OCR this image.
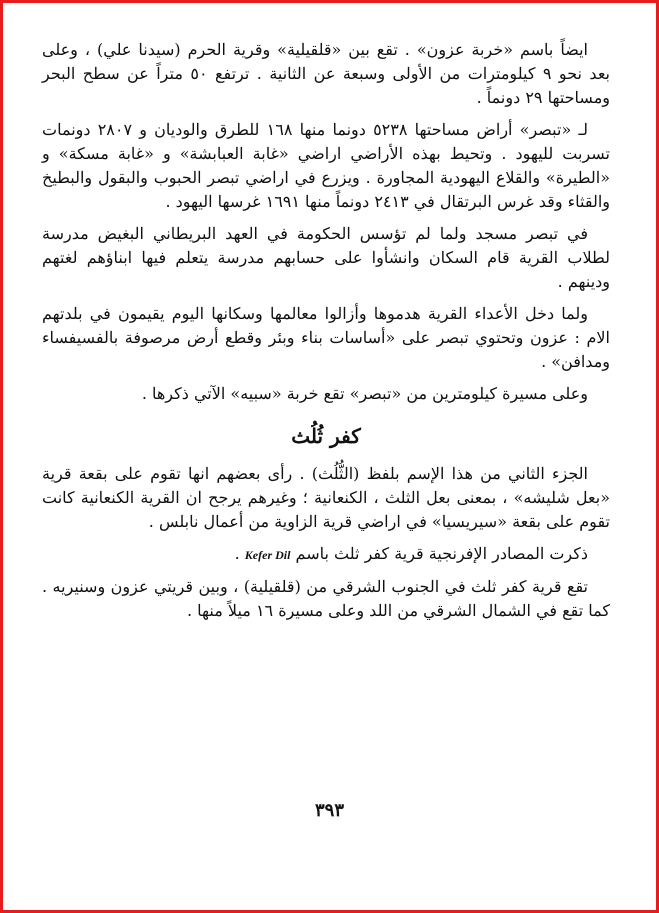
ايضاً باسم «خربة عزون» . تقع بين «قلقيلية» وقرية الحرم (سيدنا علي) ، وعلى بعد نحو ٩ كيلومترات من الأولى وسبعة عن الثانية . ترتفع ٥٠ متراً عن سطح البحر ومساحتها ٢٩ دونماً .

لـ «تبصر» أراض مساحتها ٥٢٣٨ دونما منها ١٦٨ للطرق والوديان و ٢٨٠٧ دونمات تسربت لليهود . وتحيط بهذه الأراضي اراضي «غابة العبابشة» و «غابة مسكة» و «الطيرة» والقلاع اليهودية المجاورة . ويزرع في اراضي تبصر الحبوب والبقول والبطيخ والقثاء وقد غرس البرتقال في ٢٤١٣ دونماً منها ١٦٩١ غرسها اليهود .

في تبصر مسجد ولما لم تؤسس الحكومة في العهد البريطاني البغيض مدرسة لطلاب القرية قام السكان وانشأوا على حسابهم مدرسة يتعلم فيها ابناؤهم لغتهم ودينهم .

ولما دخل الأعداء القرية هدموها وأزالوا معالمها وسكانها اليوم يقيمون في بلدتهم الام : عزون وتحتوي تبصر على «أساسات بناء وبئر وقطع أرض مرصوفة بالفسيفساء ومدافن» .

وعلى مسيرة كيلومترين من «تبصر» تقع خربة «سبيه» الآتي ذكرها .

كفر ثُلُث

الجزء الثاني من هذا الإسم بلفظ (الثُّلُث) . رأى بعضهم انها تقوم على بقعة قرية «بعل شليشه» ، بمعنى بعل الثلث ، الكنعانية ؛ وغيرهم يرجح ان القرية الكنعانية كانت تقوم على بقعة «سيريسيا» في اراضي قرية الزاوية من أعمال نابلس .

ذكرت المصادر الإفرنجية قرية كفر ثلث باسم Kefer Dil .

تقع قرية كفر ثلث في الجنوب الشرقي من (قلقيلية) ، وبين قريتي عزون وسنيريه . كما تقع في الشمال الشرقي من اللد وعلى مسيرة ١٦ ميلاً منها .

٣٩٣
